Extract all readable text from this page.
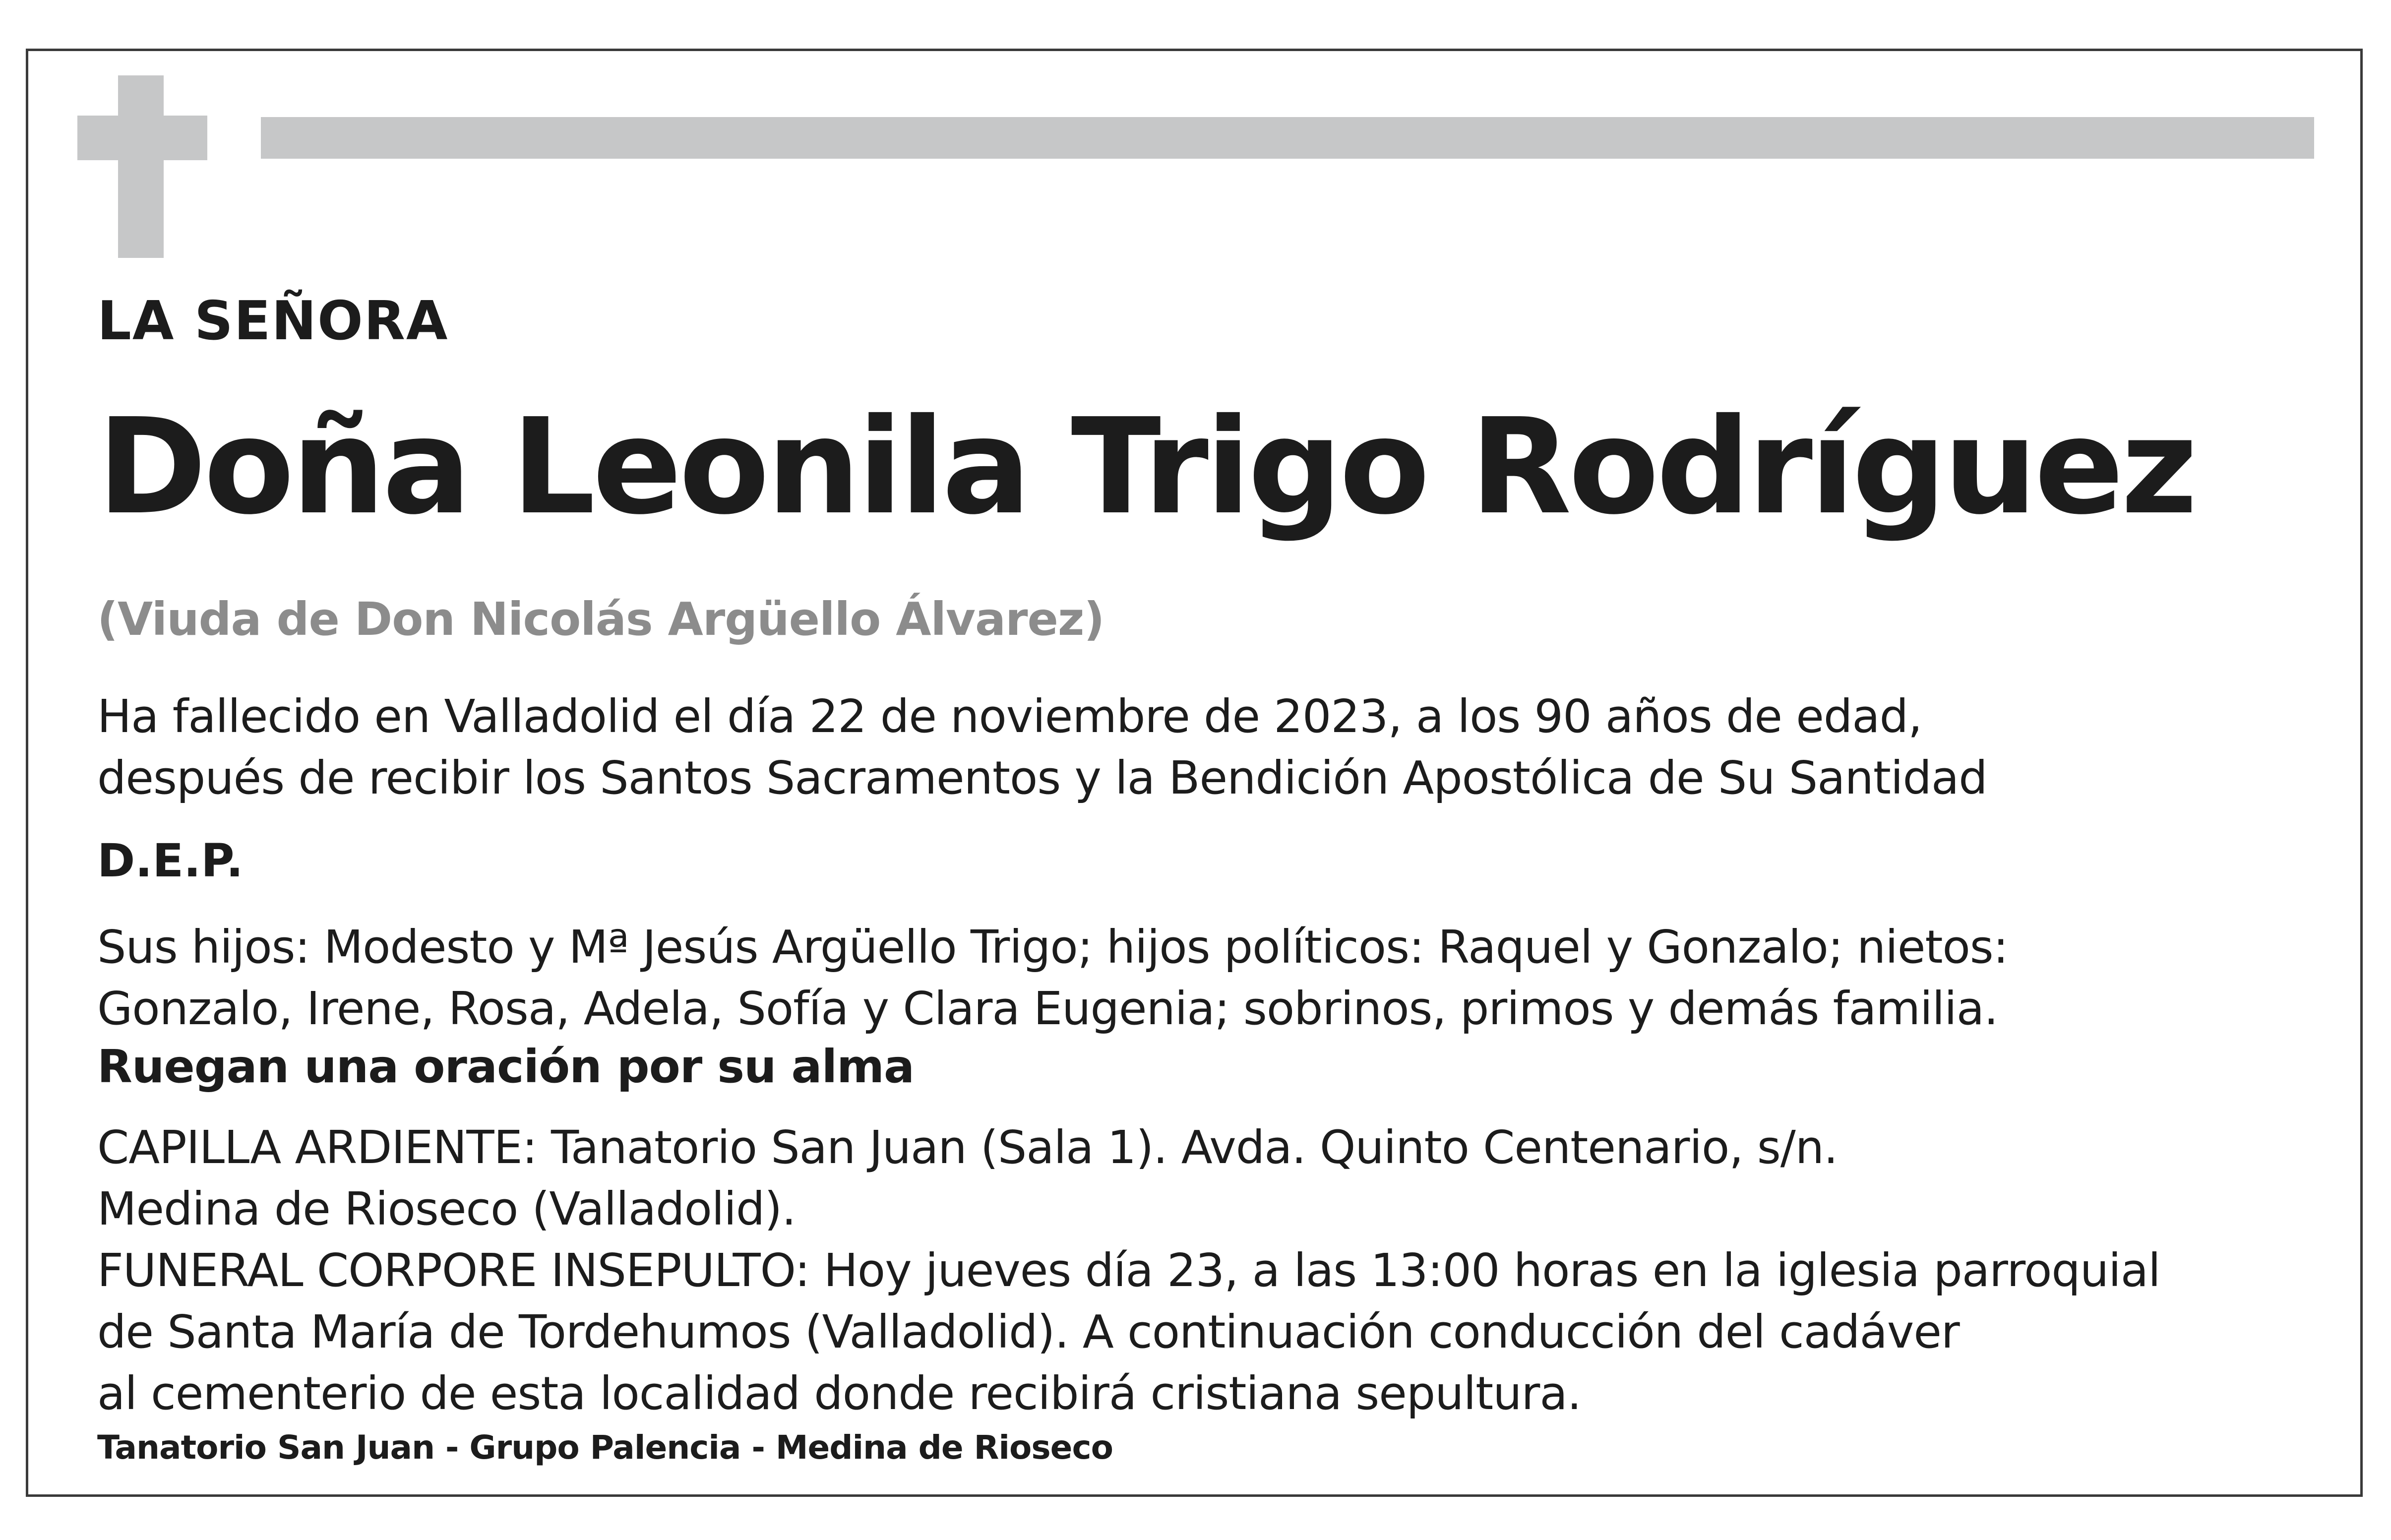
LA SEÑORA

Doña Leonila Trigo Rodríguez

(Viuda de Don Nicolás Argüello Álvarez)

Ha fallecido en Valladolid el día 22 de noviembre de 2023, a los 90 años de edad,
después de recibir los Santos Sacramentos y la Bendición Apostólica de Su Santidad

D.E.P.

Sus hijos: Modesto y Mª Jesús Argüello Trigo; hijos políticos: Raquel y Gonzalo; nietos:
Gonzalo, Irene, Rosa, Adela, Sofía y Clara Eugenia; sobrinos, primos y demás familia.

Ruegan una oración por su alma

CAPILLA ARDIENTE: Tanatorio San Juan (Sala 1). Avda. Quinto Centenario, s/n.
Medina de Rioseco (Valladolid).
FUNERAL CORPORE INSEPULTO: Hoy jueves día 23, a las 13:00 horas en la iglesia parroquial
de Santa María de Tordehumos (Valladolid). A continuación conducción del cadáver
al cementerio de esta localidad donde recibirá cristiana sepultura.

Tanatorio San Juan - Grupo Palencia - Medina de Rioseco
